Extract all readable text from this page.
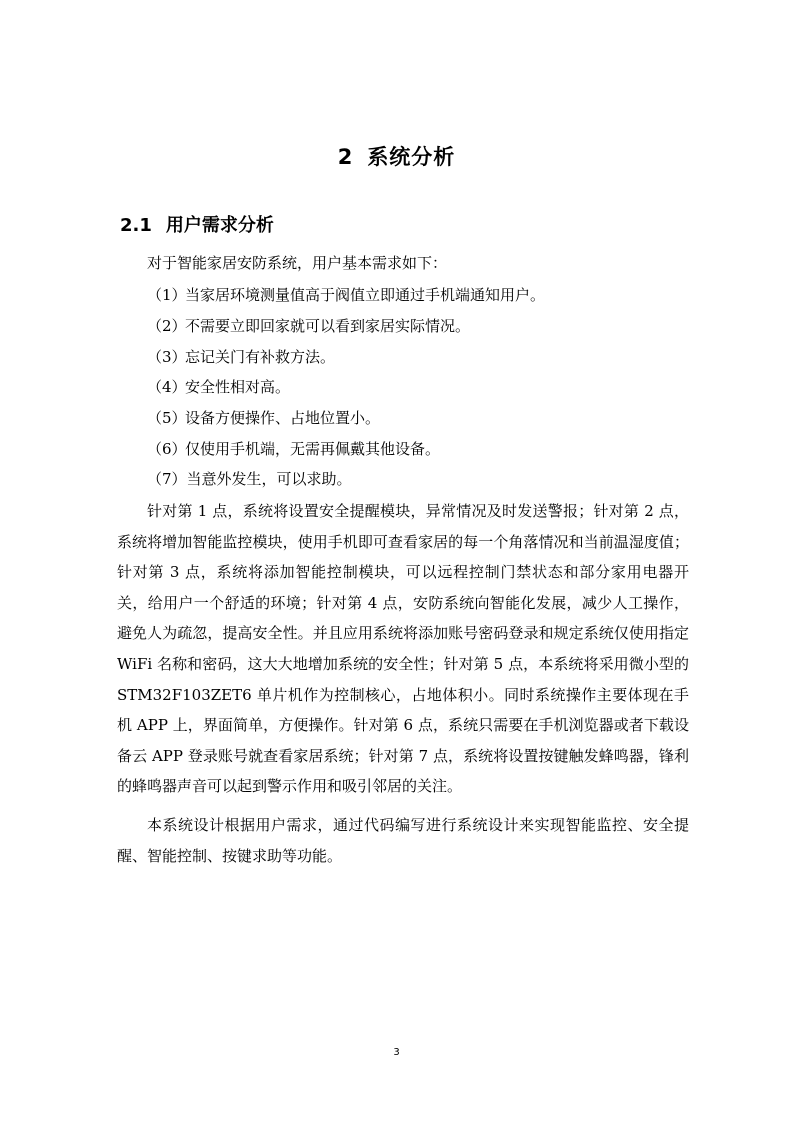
2 系统分析
2.1 用户需求分析
对于智能家居安防系统，用户基本需求如下：
（1）当家居环境测量值高于阀值立即通过手机端通知用户。
（2）不需要立即回家就可以看到家居实际情况。
（3）忘记关门有补救方法。
（4）安全性相对高。
（5）设备方便操作、占地位置小。
（6）仅使用手机端，无需再佩戴其他设备。
（7）当意外发生，可以求助。

针对第 1 点，系统将设置安全提醒模块，异常情况及时发送警报；针对第 2 点，系统将增加智能监控模块，使用手机即可查看家居的每一个角落情况和当前温湿度值；针对第 3 点，系统将添加智能控制模块，可以远程控制门禁状态和部分家用电器开关，给用户一个舒适的环境；针对第 4 点，安防系统向智能化发展，减少人工操作，避免人为疏忽，提高安全性。并且应用系统将添加账号密码登录和规定系统仅使用指定 WiFi 名称和密码，这大大地增加系统的安全性；针对第 5 点，本系统将采用微小型的 STM32F103ZET6 单片机作为控制核心，占地体积小。同时系统操作主要体现在手机 APP 上，界面简单，方便操作。针对第 6 点，系统只需要在手机浏览器或者下载设备云 APP 登录账号就查看家居系统；针对第 7 点，系统将设置按键触发蜂鸣器，锋利的蜂鸣器声音可以起到警示作用和吸引邻居的关注。

本系统设计根据用户需求，通过代码编写进行系统设计来实现智能监控、安全提醒、智能控制、按键求助等功能。

3
